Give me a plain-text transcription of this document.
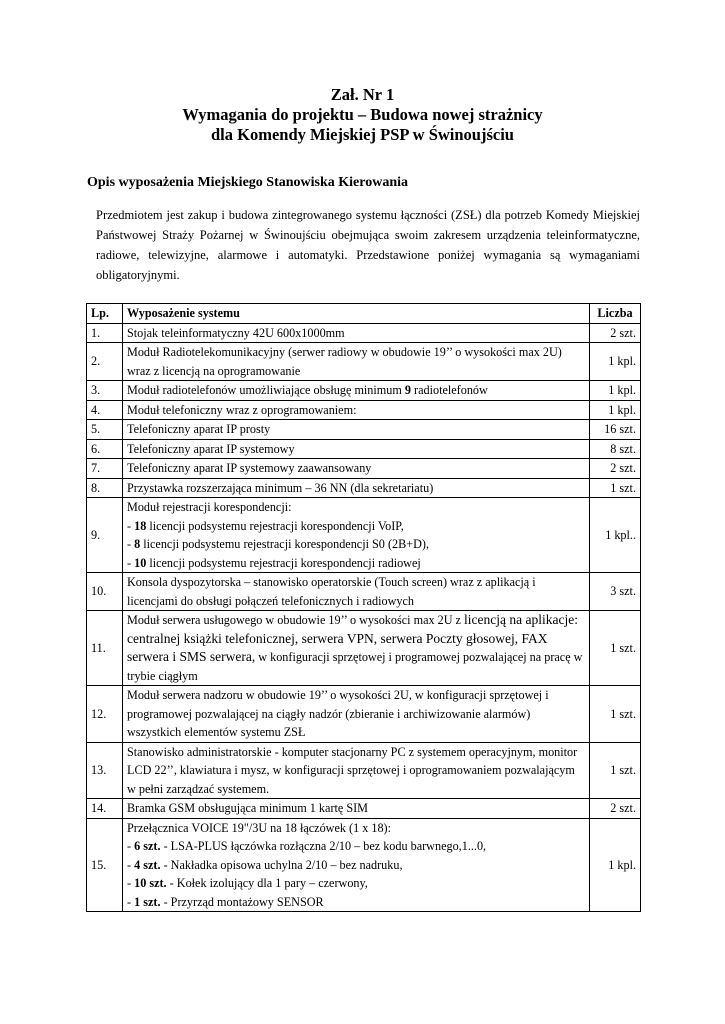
Zał. Nr 1
Wymagania do projektu – Budowa nowej strażnicy
dla Komendy Miejskiej PSP w Świnoujściu
Opis wyposażenia Miejskiego Stanowiska Kierowania
Przedmiotem jest zakup i budowa zintegrowanego systemu łączności (ZSŁ) dla potrzeb Komedy Miejskiej Państwowej Straży Pożarnej w Świnoujściu obejmująca swoim zakresem urządzenia teleinformatyczne, radiowe, telewizyjne, alarmowe i automatyki. Przedstawione poniżej wymagania są wymaganiami obligatoryjnymi.
Lp.	Wyposażenie systemu	Liczba
1.	Stojak teleinformatyczny 42U 600x1000mm	2 szt.
2.	Moduł Radiotelekomunikacyjny (serwer radiowy w obudowie 19’’ o wysokości max 2U) wraz z licencją na oprogramowanie	1 kpl.
3.	Moduł radiotelefonów umożliwiające obsługę minimum 9 radiotelefonów	1 kpl.
4.	Moduł telefoniczny wraz z oprogramowaniem:	1 kpl.
5.	Telefoniczny aparat IP prosty	16 szt.
6.	Telefoniczny aparat IP systemowy	8 szt.
7.	Telefoniczny aparat IP systemowy zaawansowany	2 szt.
8.	Przystawka rozszerzająca minimum – 36 NN (dla sekretariatu)	1 szt.
9.	Moduł rejestracji korespondencji:
- 18 licencji podsystemu rejestracji korespondencji VoIP,
- 8 licencji podsystemu rejestracji korespondencji S0 (2B+D),
- 10 licencji podsystemu rejestracji korespondencji radiowej	1 kpl..
10.	Konsola dyspozytorska – stanowisko operatorskie (Touch screen) wraz z aplikacją i licencjami do obsługi połączeń telefonicznych i radiowych	3 szt.
11.	Moduł serwera usługowego w obudowie 19’’ o wysokości max 2U z licencją na aplikacje: centralnej książki telefonicznej, serwera VPN, serwera Poczty głosowej, FAX serwera i SMS serwera, w konfiguracji sprzętowej i programowej pozwalającej na pracę w trybie ciągłym	1 szt.
12.	Moduł serwera nadzoru w obudowie 19’’ o wysokości 2U, w konfiguracji sprzętowej i programowej pozwalającej na ciągły nadzór (zbieranie i archiwizowanie alarmów) wszystkich elementów systemu ZSŁ	1 szt.
13.	Stanowisko administratorskie - komputer stacjonarny PC z systemem operacyjnym, monitor LCD 22’’, klawiatura i mysz, w konfiguracji sprzętowej i oprogramowaniem pozwalającym w pełni zarządzać systemem.	1 szt.
14.	Bramka GSM obsługująca minimum 1 kartę SIM	2 szt.
15.	Przełącznica VOICE 19"/3U na 18 łączówek (1 x 18):
- 6 szt. - LSA-PLUS łączówka rozłączna 2/10 – bez kodu barwnego,1...0,
- 4 szt. - Nakładka opisowa uchylna 2/10 – bez nadruku,
- 10 szt. - Kołek izolujący dla 1 pary – czerwony,
- 1 szt. - Przyrząd montażowy SENSOR	1 kpl.
